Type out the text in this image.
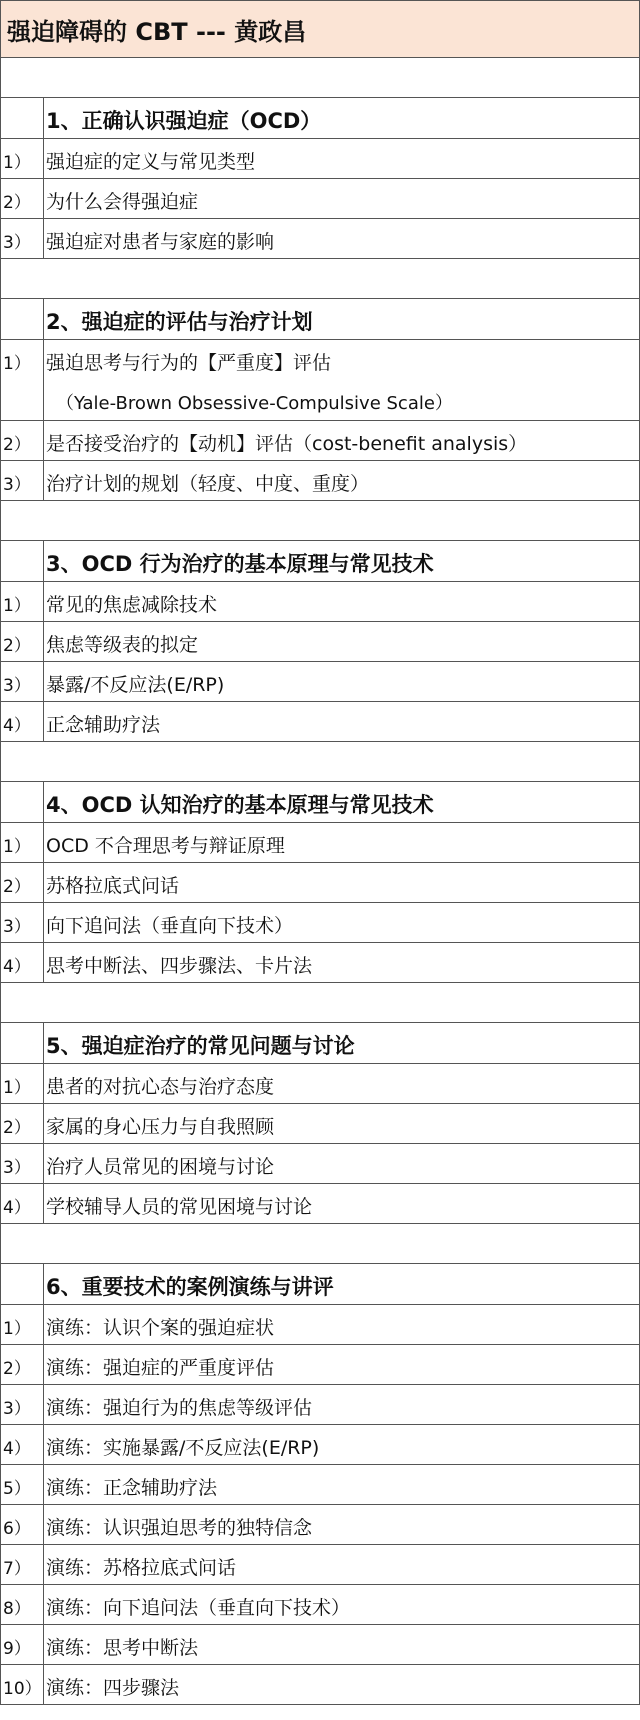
强迫障碍的 CBT --- 黄政昌
1、正确认识强迫症（OCD）
1） 强迫症的定义与常见类型
2） 为什么会得强迫症
3） 强迫症对患者与家庭的影响
2、强迫症的评估与治疗计划
1） 强迫思考与行为的【严重度】评估
（Yale-Brown Obsessive-Compulsive Scale）
2） 是否接受治疗的【动机】评估（cost-benefit analysis）
3） 治疗计划的规划（轻度、中度、重度）
3、OCD 行为治疗的基本原理与常见技术
1） 常见的焦虑减除技术
2） 焦虑等级表的拟定
3） 暴露/不反应法(E/RP)
4） 正念辅助疗法
4、OCD 认知治疗的基本原理与常见技术
1） OCD 不合理思考与辩证原理
2） 苏格拉底式问话
3） 向下追问法（垂直向下技术）
4） 思考中断法、四步骤法、卡片法
5、强迫症治疗的常见问题与讨论
1） 患者的对抗心态与治疗态度
2） 家属的身心压力与自我照顾
3） 治疗人员常见的困境与讨论
4） 学校辅导人员的常见困境与讨论
6、重要技术的案例演练与讲评
1） 演练：认识个案的强迫症状
2） 演练：强迫症的严重度评估
3） 演练：强迫行为的焦虑等级评估
4） 演练：实施暴露/不反应法(E/RP)
5） 演练：正念辅助疗法
6） 演练：认识强迫思考的独特信念
7） 演练：苏格拉底式问话
8） 演练：向下追问法（垂直向下技术）
9） 演练：思考中断法
10） 演练：四步骤法
